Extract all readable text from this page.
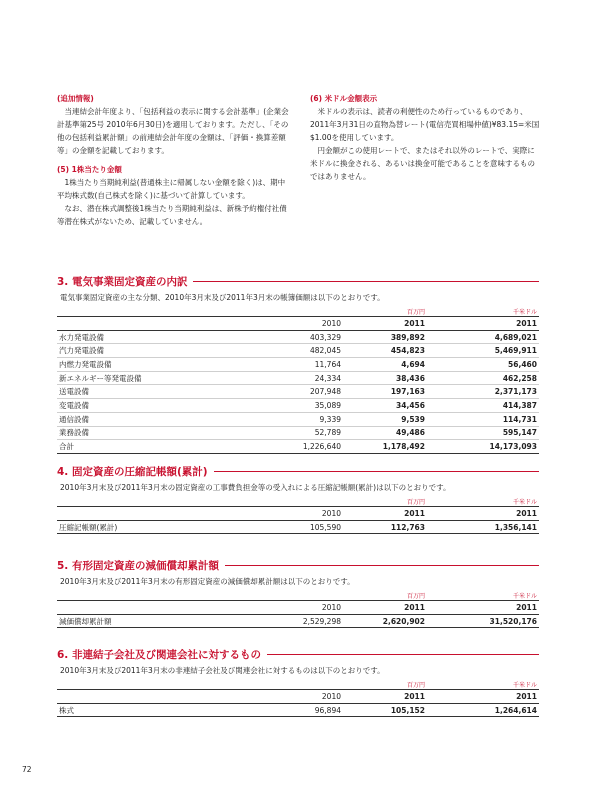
(追加情報)

当連結会計年度より、「包括利益の表示に関する会計基準」(企業会計基準第25号 2010年6月30日)を適用しております。ただし、「その他の包括利益累計額」の前連結会計年度の金額は、「評価・換算差額等」の金額を記載しております。

(5) 1株当たり金額

1株当たり当期純利益(普通株主に帰属しない金額を除く)は、期中平均株式数(自己株式を除く)に基づいて計算しています。

なお、潜在株式調整後1株当たり当期純利益は、新株予約権付社債等潜在株式がないため、記載していません。

(6) 米ドル金額表示

米ドルの表示は、読者の利便性のため行っているものであり、2011年3月31日の直物為替レート(電信売買相場仲値)¥83.15=米国$1.00を使用しています。

円金額がこの使用レートで、またはそれ以外のレートで、実際に米ドルに換金される、あるいは換金可能であることを意味するものではありません。

3. 電気事業固定資産の内訳
電気事業固定資産の主な分類、2010年3月末及び2011年3月末の帳簿価額は以下のとおりです。
		百万円	千米ドル
	2010	2011	2011
水力発電設備	403,329	389,892	4,689,021
汽力発電設備	482,045	454,823	5,469,911
内燃力発電設備	11,764	4,694	56,460
新エネルギー等発電設備	24,334	38,436	462,258
送電設備	207,948	197,163	2,371,173
変電設備	35,089	34,456	414,387
通信設備	9,339	9,539	114,731
業務設備	52,789	49,486	595,147
合計	1,226,640	1,178,492	14,173,093
4. 固定資産の圧縮記帳額(累計)
2010年3月末及び2011年3月末の固定資産の工事費負担金等の受入れによる圧縮記帳額(累計)は以下のとおりです。
		百万円	千米ドル
	2010	2011	2011
圧縮記帳額(累計)	105,590	112,763	1,356,141
5. 有形固定資産の減価償却累計額
2010年3月末及び2011年3月末の有形固定資産の減価償却累計額は以下のとおりです。
		百万円	千米ドル
	2010	2011	2011
減価償却累計額	2,529,298	2,620,902	31,520,176
6. 非連結子会社及び関連会社に対するもの
2010年3月末及び2011年3月末の非連結子会社及び関連会社に対するものは以下のとおりです。
		百万円	千米ドル
	2010	2011	2011
株式	96,894	105,152	1,264,614
72
